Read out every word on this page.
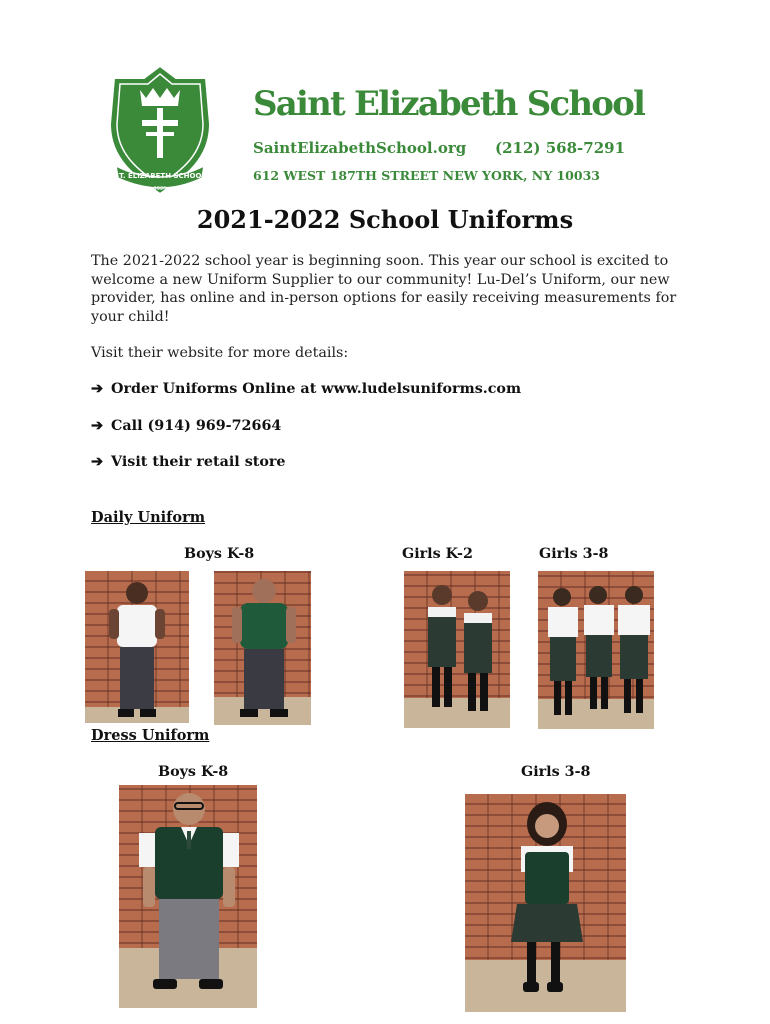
ST. ELIZABETH SCHOOL
1926
Saint Elizabeth School
SaintElizabethSchool.org (212) 568-7291
612 WEST 187TH STREET NEW YORK, NY 10033
2021-2022 School Uniforms
The 2021-2022 school year is beginning soon. This year our school is excited to welcome a new Uniform Supplier to our community! Lu-Del’s Uniform, our new provider, has online and in-person options for easily receiving measurements for your child!
Visit their website for more details:
➔ Order Uniforms Online at www.ludelsuniforms.com
➔ Call (914) 969-72664
➔ Visit their retail store
Daily Uniform
Boys K-8	Girls K-2	Girls 3-8
Dress Uniform
Boys K-8	Girls 3-8
